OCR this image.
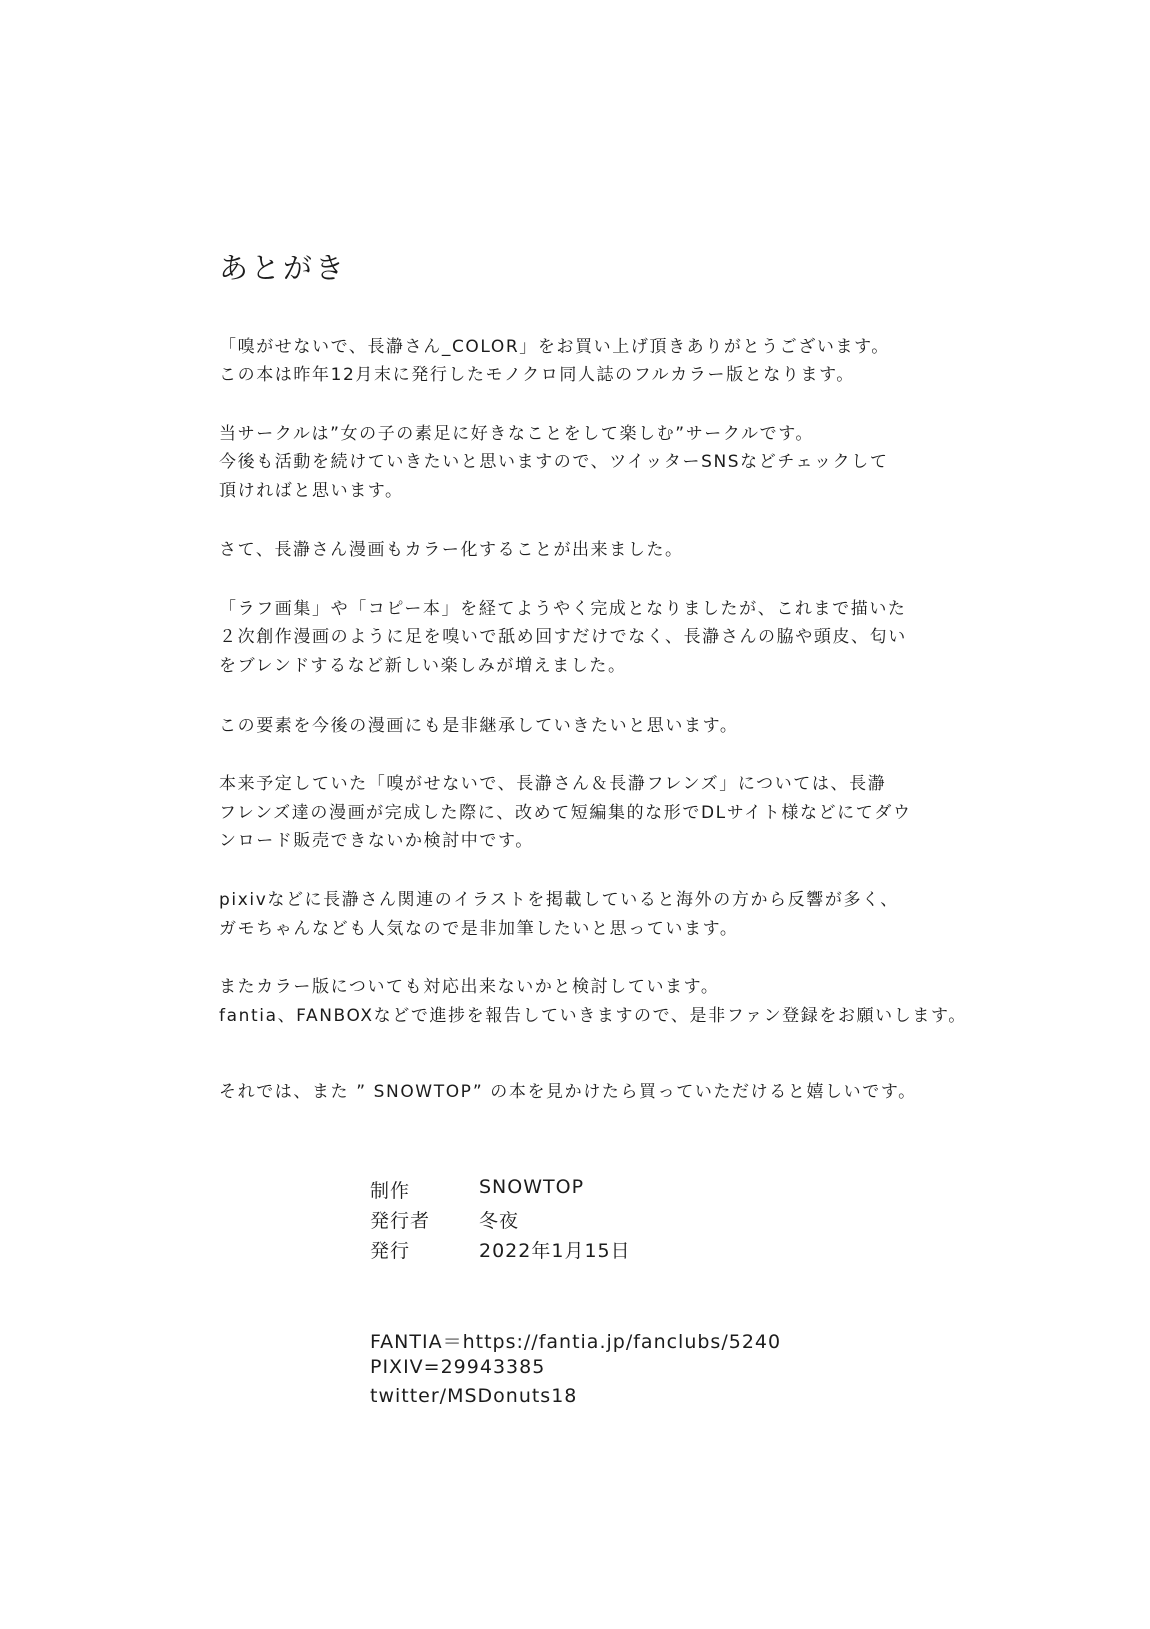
あとがき
「嗅がせないで、長瀞さん_COLOR」をお買い上げ頂きありがとうございます。
この本は昨年12月末に発行したモノクロ同人誌のフルカラー版となります。
当サークルは”女の子の素足に好きなことをして楽しむ”サークルです。
今後も活動を続けていきたいと思いますので、ツイッターSNSなどチェックして
頂ければと思います。
さて、長瀞さん漫画もカラー化することが出来ました。
「ラフ画集」や「コピー本」を経てようやく完成となりましたが、これまで描いた
２次創作漫画のように足を嗅いで舐め回すだけでなく、長瀞さんの脇や頭皮、匂い
をブレンドするなど新しい楽しみが増えました。
この要素を今後の漫画にも是非継承していきたいと思います。
本来予定していた「嗅がせないで、長瀞さん＆長瀞フレンズ」については、長瀞
フレンズ達の漫画が完成した際に、改めて短編集的な形でDLサイト様などにてダウ
ンロード販売できないか検討中です。
pixivなどに長瀞さん関連のイラストを掲載していると海外の方から反響が多く、
ガモちゃんなども人気なので是非加筆したいと思っています。
またカラー版についても対応出来ないかと検討しています。
fantia、FANBOXなどで進捗を報告していきますので、是非ファン登録をお願いします。
それでは、また ” SNOWTOP” の本を見かけたら買っていただけると嬉しいです。
制作	SNOWTOP
発行者	冬夜
発行	2022年1月15日
FANTIA＝https://fantia.jp/fanclubs/5240
PIXIV=29943385
twitter/MSDonuts18
